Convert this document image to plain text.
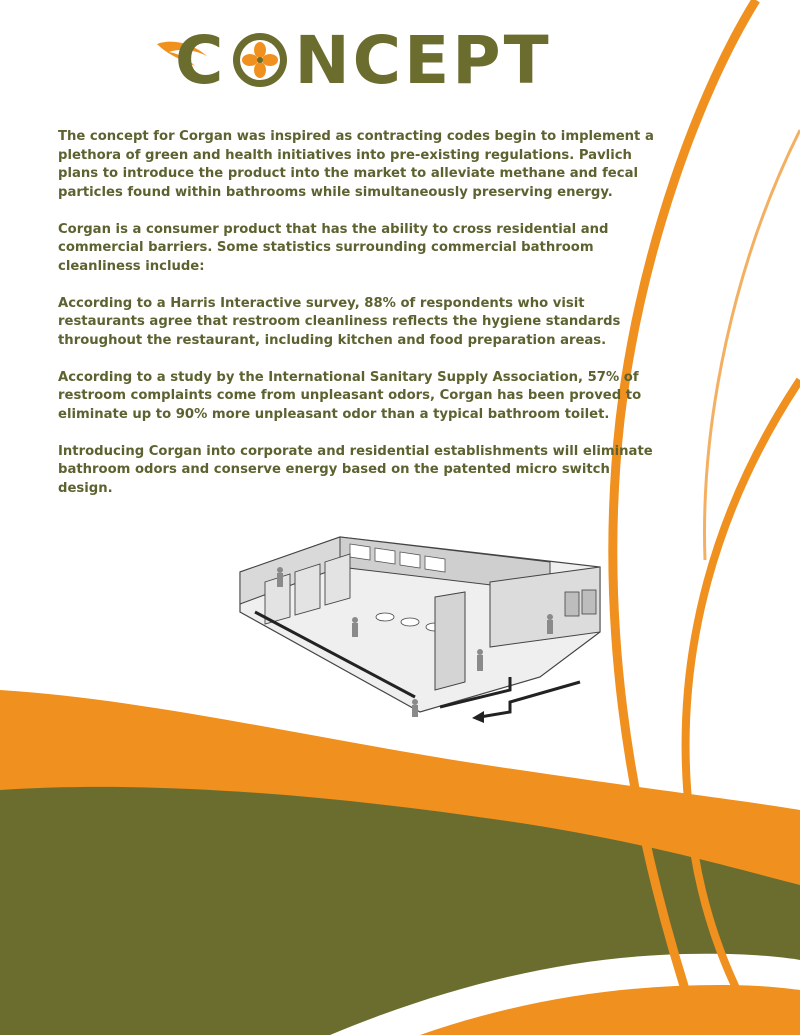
C NCEPT

The concept for Corgan was inspired as contracting codes begin to implement a plethora of green and health initiatives into pre-existing regulations. Pavlich plans to introduce the product into the market to alleviate methane and fecal particles found within bathrooms while simultaneously preserving energy.

Corgan is a consumer product that has the ability to cross residential and commercial barriers. Some statistics surrounding commercial bathroom cleanliness include:

According to a Harris Interactive survey, 88% of respondents who visit restaurants agree that restroom cleanliness reflects the hygiene standards throughout the restaurant, including kitchen and food preparation areas.

According to a study by the International Sanitary Supply Association, 57% of restroom complaints come from unpleasant odors, Corgan has been proved to eliminate up to 90% more unpleasant odor than a typical bathroom toilet.

Introducing Corgan into corporate and residential establishments will eliminate bathroom odors and conserve energy based on the patented micro switch design.
